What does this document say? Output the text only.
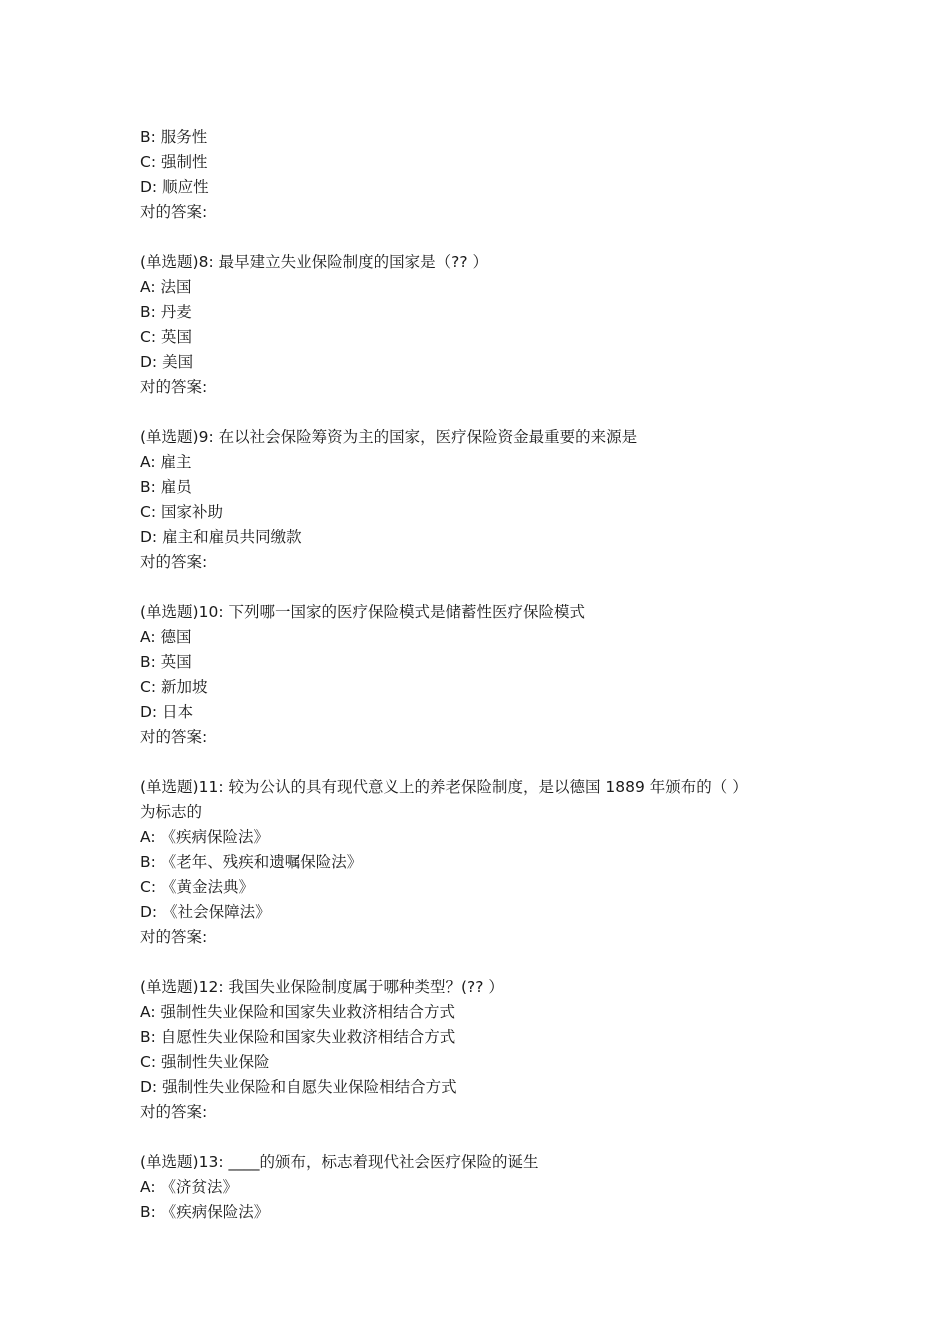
B: 服务性
C: 强制性
D: 顺应性
对的答案:
(单选题)8: 最早建立失业保险制度的国家是（?? ）
A: 法国
B: 丹麦
C: 英国
D: 美国
对的答案:
(单选题)9: 在以社会保险筹资为主的国家，医疗保险资金最重要的来源是
A: 雇主
B: 雇员
C: 国家补助
D: 雇主和雇员共同缴款
对的答案:
(单选题)10: 下列哪一国家的医疗保险模式是储蓄性医疗保险模式
A: 德国
B: 英国
C: 新加坡
D: 日本
对的答案:
(单选题)11: 较为公认的具有现代意义上的养老保险制度，是以德国 1889 年颁布的（ ）
为标志的
A: 《疾病保险法》
B: 《老年、残疾和遗嘱保险法》
C: 《黄金法典》
D: 《社会保障法》
对的答案:
(单选题)12: 我国失业保险制度属于哪种类型？(?? ）
A: 强制性失业保险和国家失业救济相结合方式
B: 自愿性失业保险和国家失业救济相结合方式
C: 强制性失业保险
D: 强制性失业保险和自愿失业保险相结合方式
对的答案:
(单选题)13: ____的颁布，标志着现代社会医疗保险的诞生
A: 《济贫法》
B: 《疾病保险法》
